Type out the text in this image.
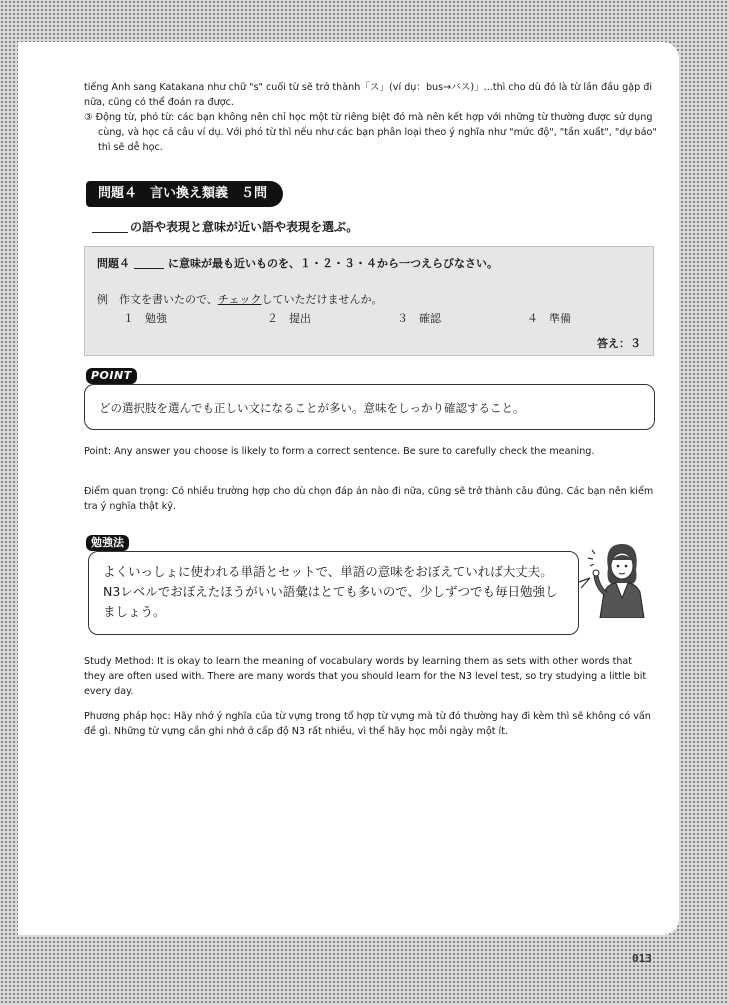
tiếng Anh sang Katakana như chữ "s" cuối từ sẽ trở thành「ス」(ví dụ：bus→バス)」...thì cho dù đó là từ lần đầu gặp đi nữa, cũng có thể đoán ra được.

③ Động từ, phó từ: các bạn không nên chỉ học một từ riêng biệt đó mà nên kết hợp với những từ thường được sử dụng cùng, và học cả câu ví dụ. Với phó từ thì nếu như các bạn phân loại theo ý nghĩa như "mức độ", "tần xuất", "dự báo" thì sẽ dễ học.

問題４　言い換え類義　５問
の語や表現と意味が近い語や表現を選ぶ。
問題４	に意味が最も近いものを、１・２・３・４から一つえらびなさい。
例　 作文を書いたので、チェックしていただけませんか。
１　勉強	２　提出	３　確認	４　準備
答え：３
POINT
どの選択肢を選んでも正しい文になることが多い。意味をしっかり確認すること。

Point: Any answer you choose is likely to form a correct sentence. Be sure to carefully check the meaning.

Điểm quan trọng: Có nhiều trường hợp cho dù chọn đáp án nào đi nữa, cũng sẽ trở thành câu đúng. Các bạn nên kiểm tra ý nghĩa thật kỹ.

勉強法

よくいっしょに使われる単語とセットで、単語の意味をおぼえていれば大丈夫。N3レベルでおぼえたほうがいい語彙はとても多いので、少しずつでも毎日勉強しましょう。

Study Method: It is okay to learn the meaning of vocabulary words by learning them as sets with other words that they are often used with. There are many words that you should learn for the N3 level test, so try studying a little bit every day.

Phương pháp học: Hãy nhớ ý nghĩa của từ vựng trong tổ hợp từ vựng mà từ đó thường hay đi kèm thì sẽ không có vấn đề gì. Những từ vựng cần ghi nhớ ở cấp độ N3 rất nhiều, vì thế hãy học mỗi ngày một ít.

013
